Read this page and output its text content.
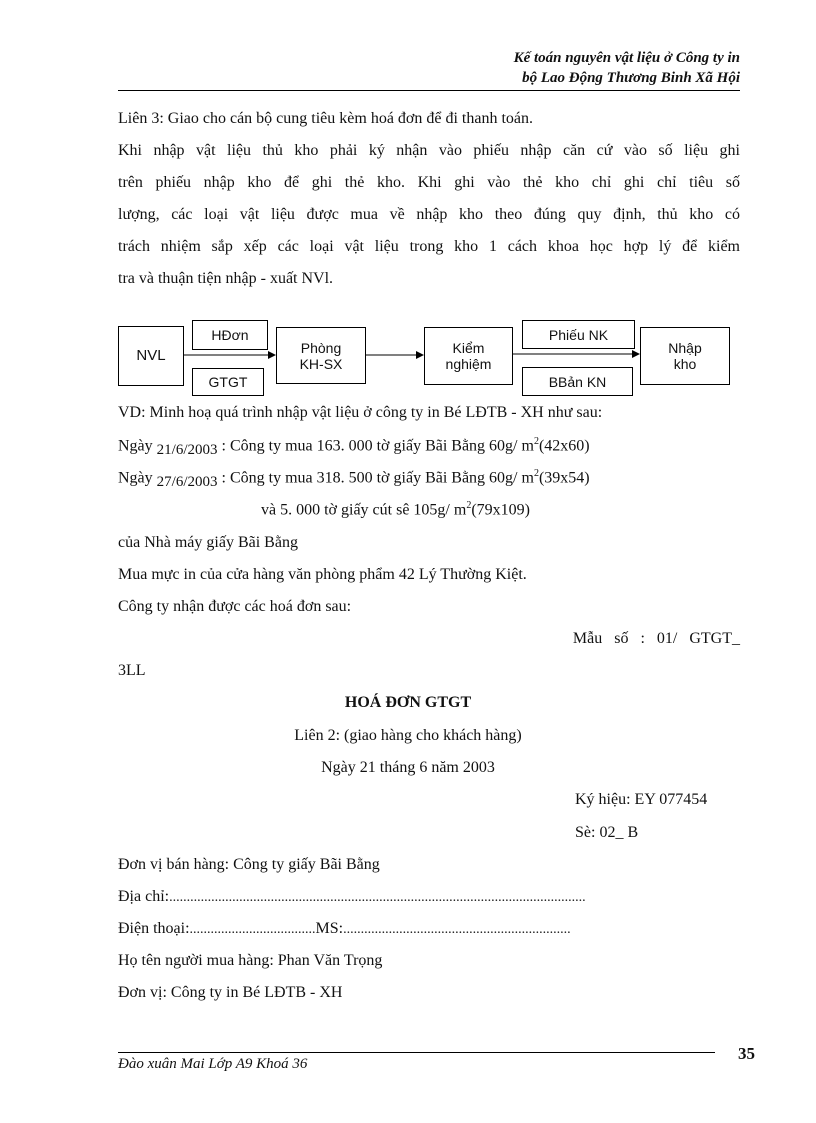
Kế toán nguyên vật liệu ở Công ty in
bộ Lao Động Thương Binh Xã Hội
Liên 3: Giao cho cán bộ cung tiêu kèm hoá đơn để đi thanh toán.
Khi nhập vật liệu thủ kho phải ký nhận vào phiếu nhập căn cứ vào số liệu ghi
trên phiếu nhập kho để ghi thẻ kho. Khi ghi vào thẻ kho chỉ ghi chỉ tiêu số
lượng, các loại vật liệu được mua về nhập kho theo đúng quy định, thủ kho có
trách nhiệm sắp xếp các loại vật liệu trong kho 1 cách khoa học hợp lý để kiểm
tra và thuận tiện nhập - xuất NVl.
NVL
HĐơn
GTGT
Phòng
KH-SX
Kiểm
nghiệm
Phiếu NK
BBản KN
Nhập
kho
VD: Minh hoạ quá trình nhập vật liệu ở công ty in Bé LĐTB - XH như sau:
Ngày 21/6/2003 : Công ty mua 163. 000 tờ giấy Bãi Bằng 60g/ $m^2(42x60)$
Ngày 27/6/2003 : Công ty mua 318. 500 tờ giấy Bãi Bằng 60g/ $m^2(39x54)$
và 5. 000 tờ giấy cút sê 105g/ $m^2(79x109)$
của Nhà máy giấy Bãi Bằng
Mua mực in của cửa hàng văn phòng phẩm 42 Lý Thường Kiệt.
Công ty nhận được các hoá đơn sau:
Mẫu số : 01/ GTGT_
3LL
HOÁ ĐƠN GTGT
Liên 2: (giao hàng cho khách hàng)
Ngày 21 tháng 6 năm 2003
Ký hiệu: EY 077454
Sè: 02_ B
Đơn vị bán hàng: Công ty giấy Bãi Bằng
Địa chỉ:.......................................................................................................................
Điện thoại:....................................MS:.................................................................
Họ tên người mua hàng: Phan Văn Trọng
Đơn vị: Công ty in Bé LĐTB - XH
Đào xuân Mai Lớp A9 Khoá 36
35
